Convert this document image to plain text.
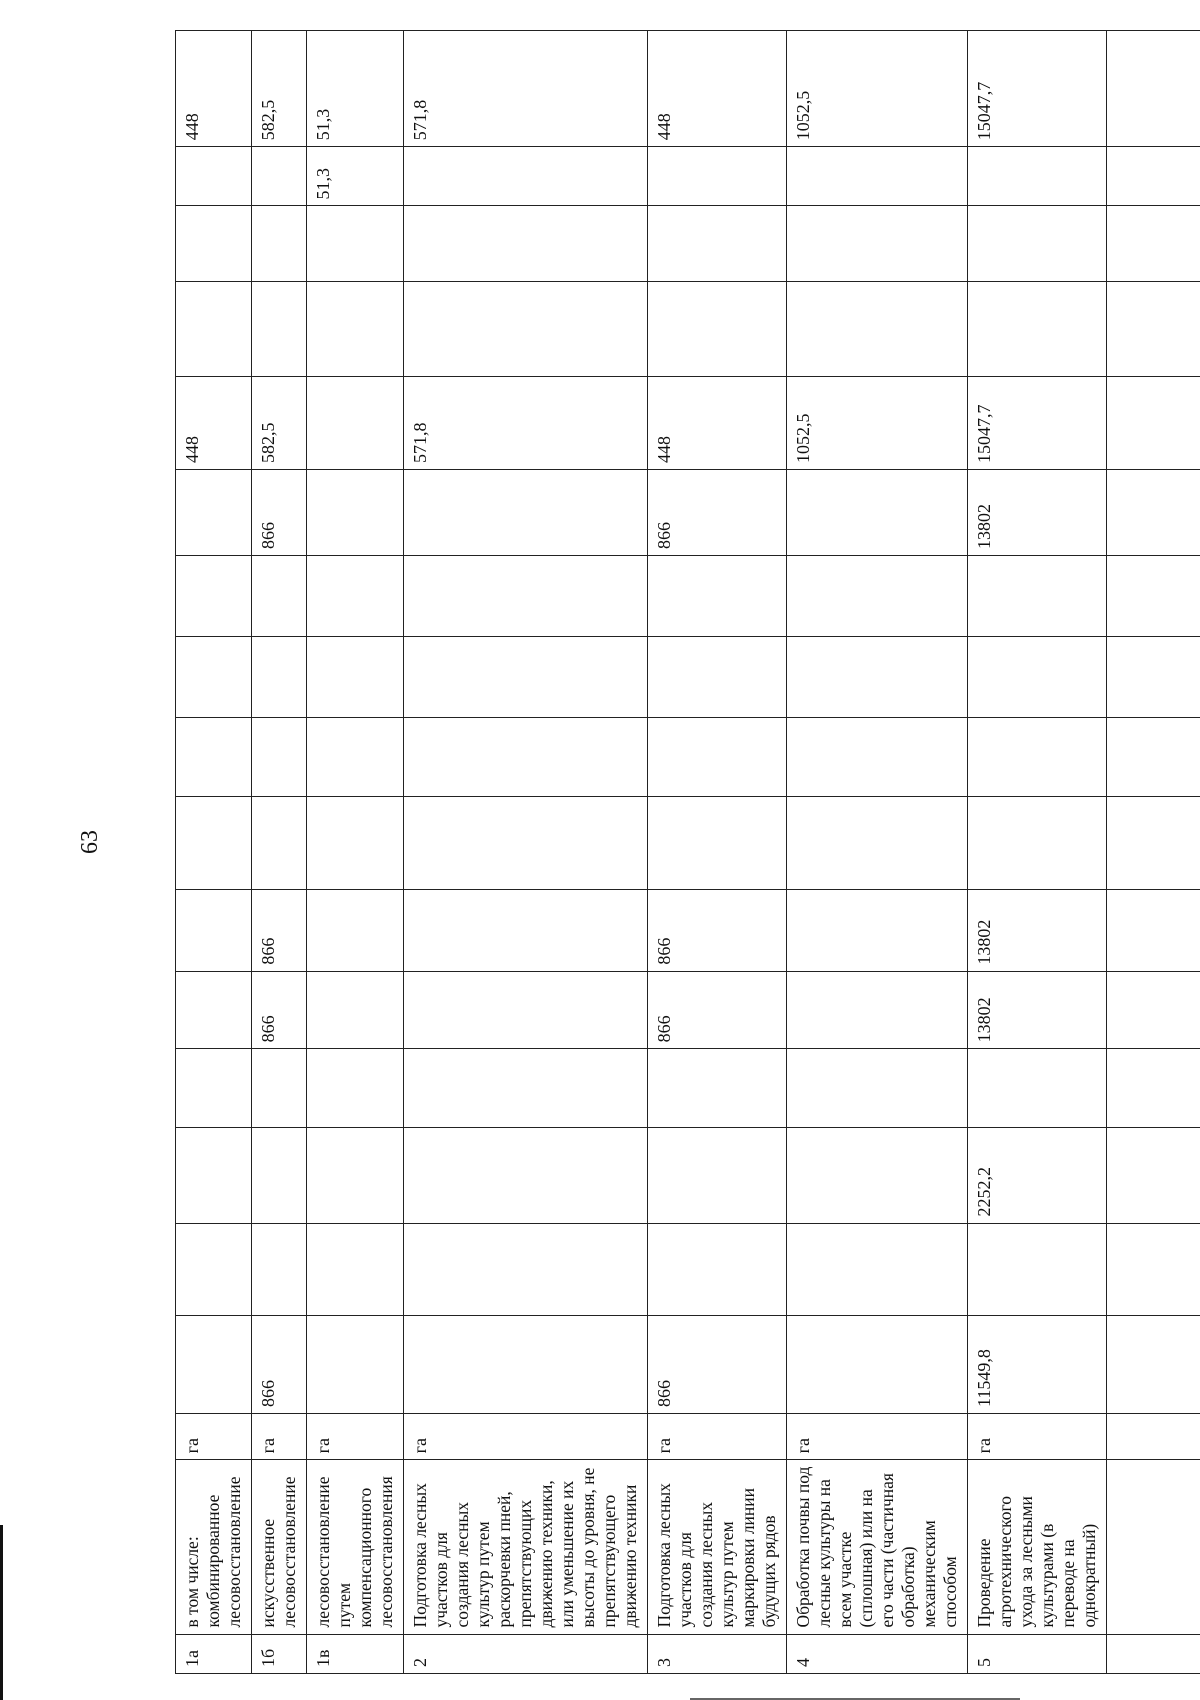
63
1а	в том числе: комбинированное лесовосстановление	га												448				448
1б	искусственное лесовосстановление	га	866				866	866					866	582,5				582,5
1в	лесовосстановление путем компенсационного лесовосстановления	га															51,3	51,3
2	Подготовка лесных участков для создания лесных культур путем раскорчевки пней, препятствующих движению техники, или уменьшение их высоты до уровня, не препятствующего движению техники	га												571,8				571,8
3	Подготовка лесных участков для создания лесных культур путем маркировки линии будущих рядов	га	866				866	866					866	448				448
4	Обработка почвы под лесные культуры на всем участке (сплошная) или на его части (частичная обработка) механическим способом	га												1052,5				1052,5
5	Проведение агротехнического ухода за лесными культурами (в переводе на однократный)	га	11549,8		2252,2		13802	13802					13802	15047,7				15047,7
